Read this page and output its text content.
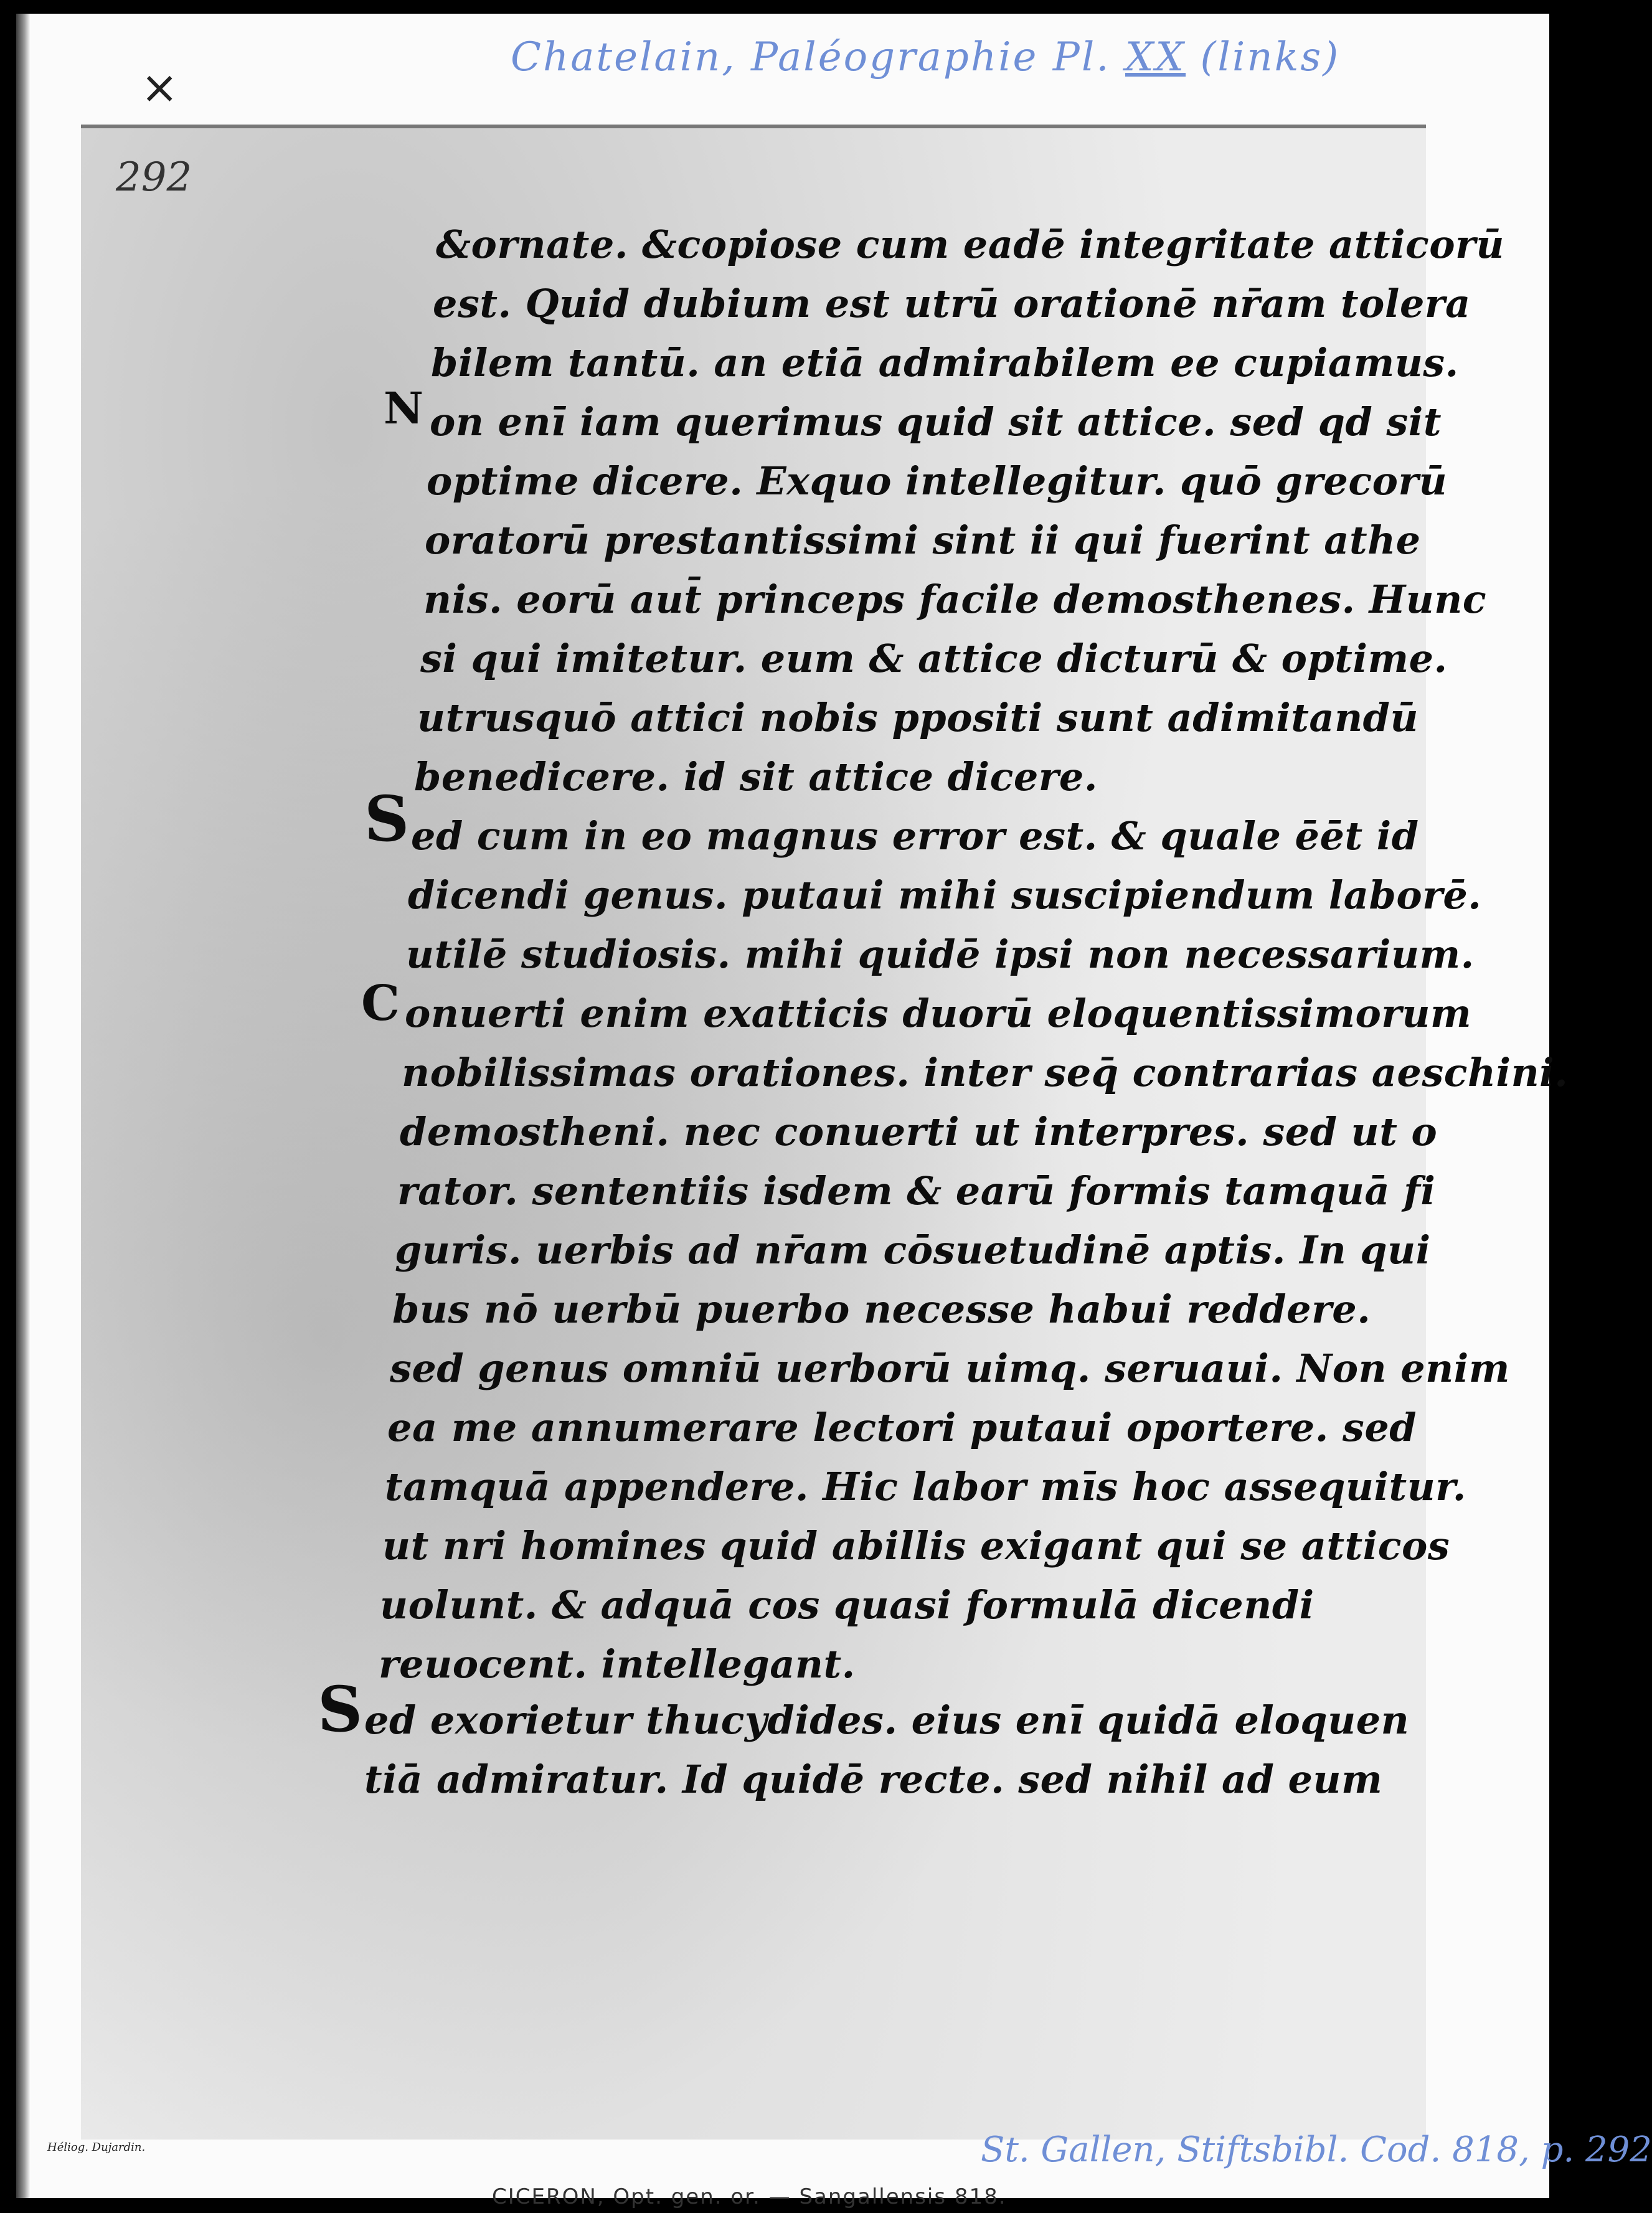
×
Chatelain, Paléographie Pl. XX (links)
292
&ornate. &copiose cum eadē integritate atticorū
est. Quid dubium est utrū orationē nr̄am tolera
bilem tantū. an etiā admirabilem ee cupiamus.
N on enī iam querimus quid sit attice. sed qd sit
optime dicere. Exquo intellegitur. quō grecorū
oratorū prestantissimi sint ii qui fuerint athe
nis. eorū aut̄ princeps facile demosthenes. Hunc
si qui imitetur. eum & attice dicturū & optime.
utrusquō attici nobis ppositi sunt adimitandū
benedicere. id sit attice dicere.
S ed cum in eo magnus error est. & quale ēēt id
dicendi genus. putaui mihi suscipiendum laborē.
utilē studiosis. mihi quidē ipsi non necessarium.
C onuerti enim exatticis duorū eloquentissimorum
nobilissimas orationes. inter seq̄ contrarias aeschini.
demostheni. nec conuerti ut interpres. sed ut o
rator. sententiis isdem & earū formis tamquā fi
guris. uerbis ad nr̄am cōsuetudinē aptis. In qui
bus nō uerbū puerbo necesse habui reddere.
sed genus omniū uerborū uimq. seruaui. Non enim
ea me annumerare lectori putaui oportere. sed
tamquā appendere. Hic labor mīs hoc assequitur.
ut nri homines quid abillis exigant qui se atticos
uolunt. & adquā cos quasi formulā dicendi
reuocent. intellegant.
S ed exorietur thucydides. eius enī quidā eloquen
tiā admiratur. Id quidē recte. sed nihil ad eum
Héliog. Dujardin.	St. Gallen, Stiftsbibl. Cod. 818, p. 292
CICERON, Opt. gen. or. — Sangallensis 818.
